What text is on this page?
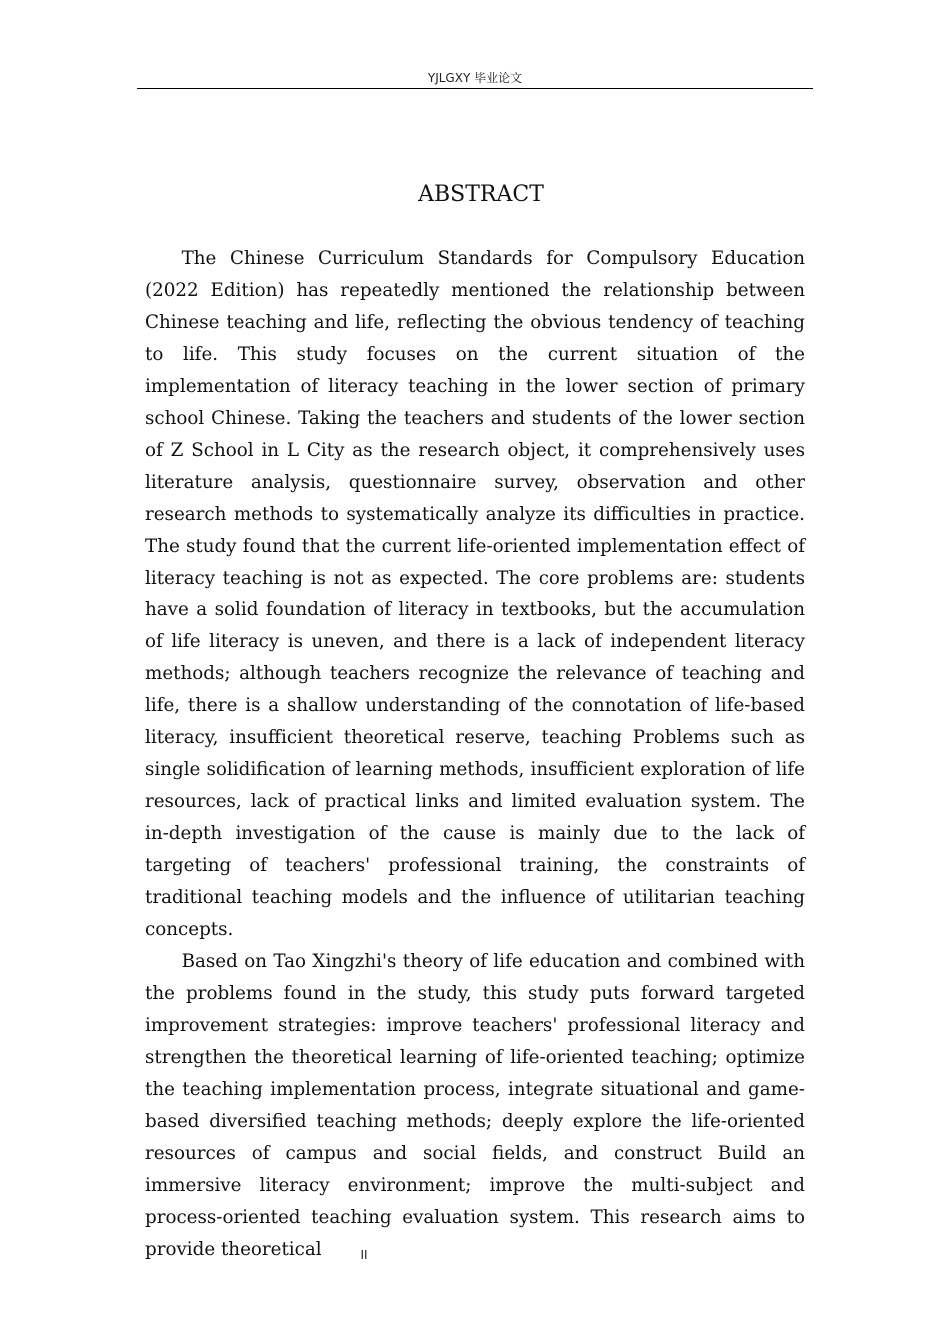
YJLGXY 毕业论文
ABSTRACT

The Chinese Curriculum Standards for Compulsory Education (2022 Edition) has repeatedly mentioned the relationship between Chinese teaching and life, reflecting the obvious tendency of teaching to life. This study focuses on the current situation of the implementation of literacy teaching in the lower section of primary school Chinese. Taking the teachers and students of the lower section of Z School in L City as the research object, it comprehensively uses literature analysis, questionnaire survey, observation and other research methods to systematically analyze its difficulties in practice. The study found that the current life-oriented implementation effect of literacy teaching is not as expected. The core problems are: students have a solid foundation of literacy in textbooks, but the accumulation of life literacy is uneven, and there is a lack of independent literacy methods; although teachers recognize the relevance of teaching and life, there is a shallow understanding of the connotation of life-based literacy, insufficient theoretical reserve, teaching Problems such as single solidification of learning methods, insufficient exploration of life resources, lack of practical links and limited evaluation system. The in-depth investigation of the cause is mainly due to the lack of targeting of teachers' professional training, the constraints of traditional teaching models and the influence of utilitarian teaching concepts.

Based on Tao Xingzhi's theory of life education and combined with the problems found in the study, this study puts forward targeted improvement strategies: improve teachers' professional literacy and strengthen the theoretical learning of life-oriented teaching; optimize the teaching implementation process, integrate situational and game-based diversified teaching methods; deeply explore the life-oriented resources of campus and social fields, and construct Build an immersive literacy environment; improve the multi-subject and process-oriented teaching evaluation system. This research aims to provide theoretical	II
